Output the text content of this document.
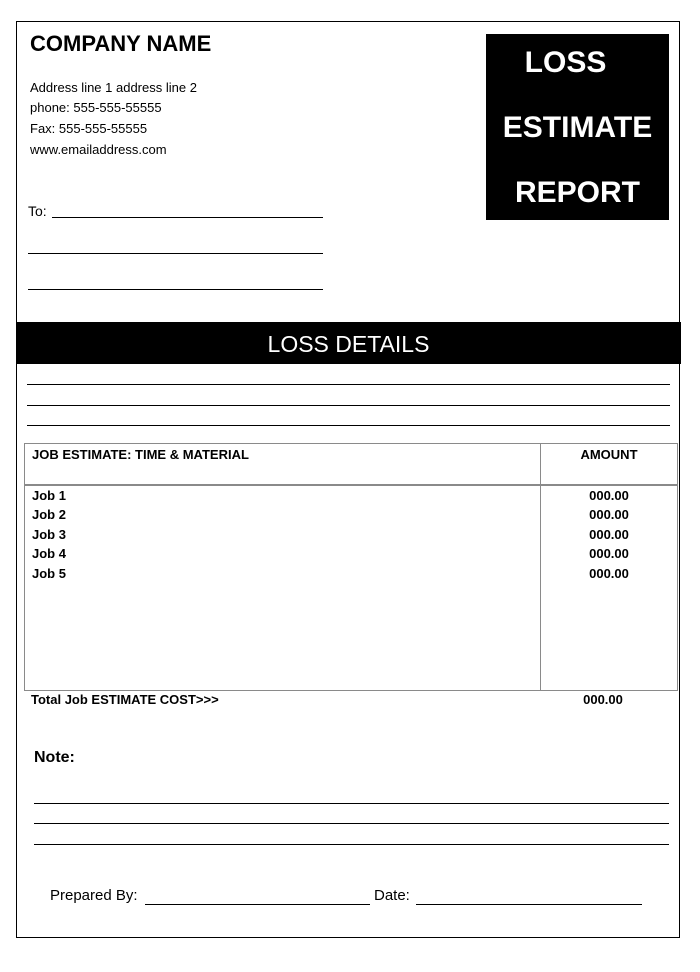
COMPANY NAME
Address line 1 address line 2
phone: 555-555-55555
Fax: 555-555-55555
www.emailaddress.com
LOSS
ESTIMATE
REPORT
To:
LOSS DETAILS
JOB ESTIMATE: TIME & MATERIAL	AMOUNT
Job 1	000.00
Job 2	000.00
Job 3	000.00
Job 4	000.00
Job 5	000.00
Total Job ESTIMATE COST>>>	000.00
Note:
Prepared By:	Date:
